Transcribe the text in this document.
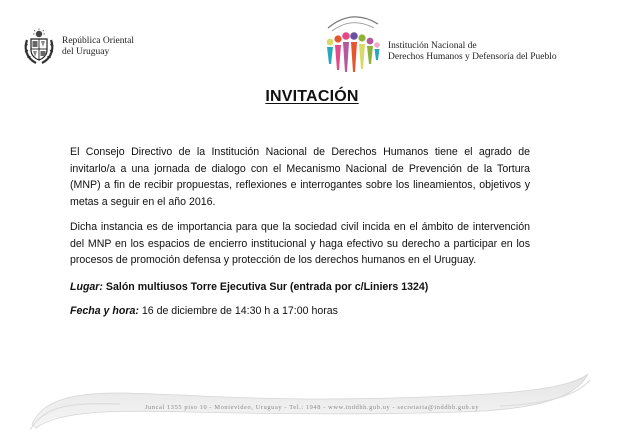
República Oriental
del Uruguay
Institución Nacional de
Derechos Humanos y Defensoría del Pueblo
INVITACIÓN
El Consejo Directivo de la Institución Nacional de Derechos Humanos tiene el agrado de invitarlo/a a una jornada de dialogo con el Mecanismo Nacional de Prevención de la Tortura (MNP) a fin de recibir propuestas, reflexiones e interrogantes sobre los lineamientos, objetivos y metas a seguir en el año 2016.
Dicha instancia es de importancia para que la sociedad civil incida en el ámbito de intervención del MNP en los espacios de encierro institucional y haga efectivo su derecho a participar en los procesos de promoción defensa y protección de los derechos humanos en el Uruguay.
Lugar: Salón multiusos Torre Ejecutiva Sur (entrada por c/Liniers 1324)
Fecha y hora: 16 de diciembre de 14:30 h a 17:00 horas
Juncal 1355 piso 10 - Montevideo, Uruguay - Tel.: 1948 - www.inddhh.gub.uy - secretaria@inddhh.gub.uy
